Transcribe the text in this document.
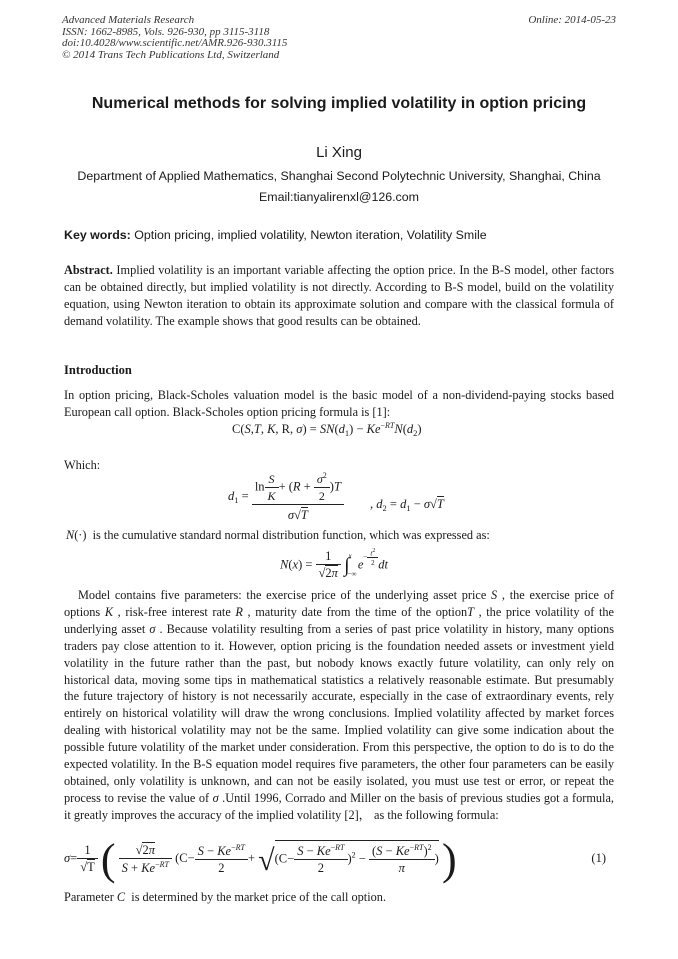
Advanced Materials Research
ISSN: 1662-8985, Vols. 926-930, pp 3115-3118
doi:10.4028/www.scientific.net/AMR.926-930.3115
© 2014 Trans Tech Publications Ltd, Switzerland
Online: 2014-05-23
Numerical methods for solving implied volatility in option pricing
Li Xing
Department of Applied Mathematics, Shanghai Second Polytechnic University, Shanghai, China
Email:tianyalirenxl@126.com
Key words: Option pricing, implied volatility, Newton iteration, Volatility Smile
Abstract. Implied volatility is an important variable affecting the option price. In the B-S model, other factors can be obtained directly, but implied volatility is not directly. According to B-S model, build on the volatility equation, using Newton iteration to obtain its approximate solution and compare with the classical formula of demand volatility. The example shows that good results can be obtained.
Introduction
In option pricing, Black-Scholes valuation model is the basic model of a non-dividend-paying stocks based European call option. Black-Scholes option pricing formula is [1]:
C(S,T, K, R, $\sigma) = SN(d_1) - Ke^{-RT}N(d_2)$
Which:
$d_1 = \frac{\ln \frac{S}{K} + (R + \frac{\sigma^2}{2} )T}{\sigma√T}$ , $d_2 = d_1 - \sigma√T$
N(·)  is the cumulative standard normal distribution function, which was expressed as:
$N(x) = \frac{1}{√2\pi} \int_{-\infty}^x$  $e^{- \frac{t^2}{2}}$ dt
Model contains five parameters: the exercise price of the underlying asset price S , the exercise price of options K , risk-free interest rate R , maturity date from the time of the optionT , the price volatility of the underlying asset σ . Because volatility resulting from a series of past price volatility in history, many options traders pay close attention to it. However, option pricing is the foundation needed assets or investment yield volatility in the future rather than the past, but nobody knows exactly future volatility, can only rely on historical data, moving some tips in mathematical statistics a relatively reasonable estimate. But presumably the future trajectory of history is not necessarily accurate, especially in the case of extraordinary events, rely entirely on historical volatility will draw the wrong conclusions. Implied volatility affected by market forces dealing with historical volatility may not be the same. Implied volatility can give some indication about the possible future volatility of the market under consideration. From this perspective, the option to do is to do the expected volatility. In the B-S equation model requires five parameters, the other four parameters can be easily obtained, only volatility is unknown, and can not be easily isolated, you must use test or error, or repeat the process to revise the value of σ .Until 1996, Corrado and Miller on the basis of previous studies got a formula, it greatly improves the accuracy of the implied volatility [2]， as the following formula:
$\sigma= \frac{1}{√T}$ ( $\frac{√2\pi}{S + Ke^{-RT}} (C- \frac{S - Ke^{-RT}}{2} + √(C- \frac{S - Ke^{-RT}}{2} )^2 - \frac{(S - Ke^{-RT})^2}{\pi}$ ) )	(1)
Parameter C is determined by the market price of the call option.
